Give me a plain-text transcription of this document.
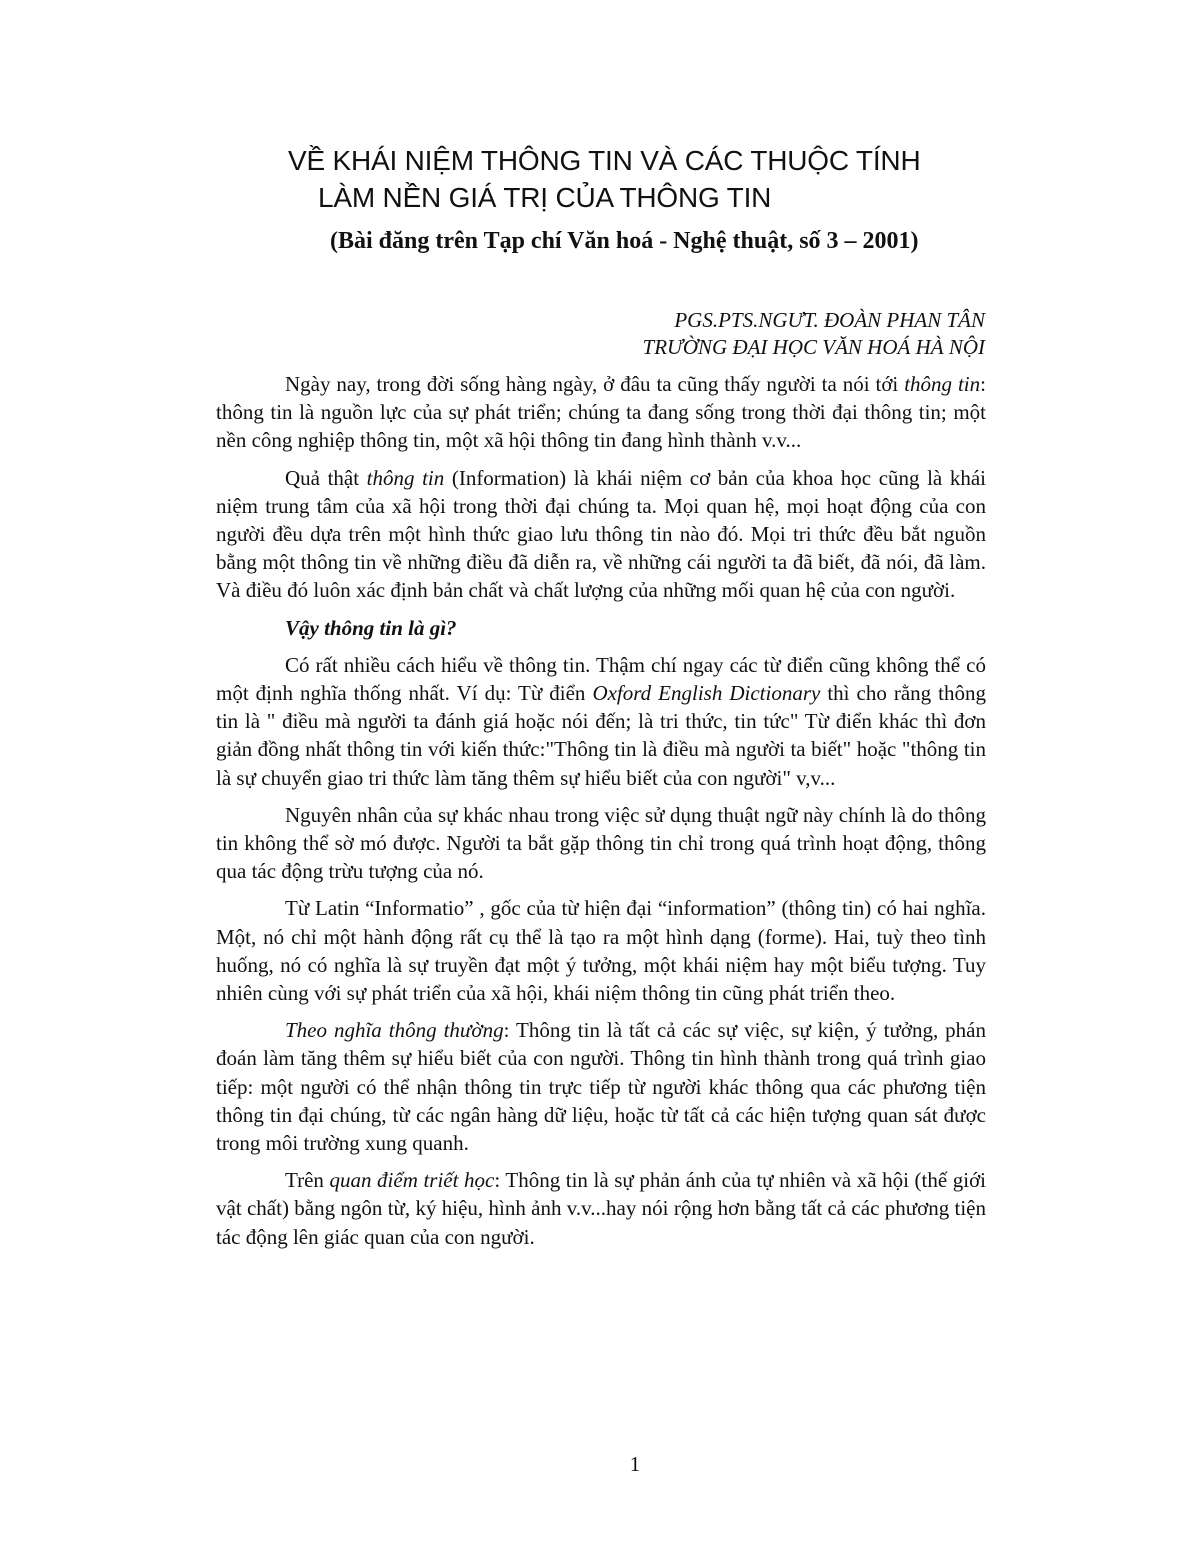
VỀ KHÁI NIỆM THÔNG TIN VÀ CÁC THUỘC TÍNH
LÀM NỀN GIÁ TRỊ CỦA THÔNG TIN
(Bài đăng trên Tạp chí Văn hoá - Nghệ thuật, số 3 – 2001)
PGS.PTS.NGƯT. ĐOÀN PHAN TÂN
TRƯỜNG ĐẠI HỌC VĂN HOÁ HÀ NỘI

Ngày nay, trong đời sống hàng ngày, ở đâu ta cũng thấy người ta nói tới thông tin: thông tin là nguồn lực của sự phát triển; chúng ta đang sống trong thời đại thông tin; một nền công nghiệp thông tin, một xã hội thông tin đang hình thành v.v...

Quả thật thông tin (Information) là khái niệm cơ bản của khoa học cũng là khái niệm trung tâm của xã hội trong thời đại chúng ta. Mọi quan hệ, mọi hoạt động của con người đều dựa trên một hình thức giao lưu thông tin nào đó. Mọi tri thức đều bắt nguồn bằng một thông tin về những điều đã diễn ra, về những cái người ta đã biết, đã nói, đã làm. Và điều đó luôn xác định bản chất và chất lượng của những mối quan hệ của con người.

Vậy thông tin là gì?

Có rất nhiều cách hiểu về thông tin. Thậm chí ngay các từ điển cũng không thể có một định nghĩa thống nhất. Ví dụ: Từ điển Oxford English Dictionary thì cho rằng thông tin là " điều mà người ta đánh giá hoặc nói đến; là tri thức, tin tức" Từ điển khác thì đơn giản đồng nhất thông tin với kiến thức:"Thông tin là điều mà người ta biết" hoặc "thông tin là sự chuyển giao tri thức làm tăng thêm sự hiểu biết của con người" v,v...

Nguyên nhân của sự khác nhau trong việc sử dụng thuật ngữ này chính là do thông tin không thể sờ mó được. Người ta bắt gặp thông tin chỉ trong quá trình hoạt động, thông qua tác động trừu tượng của nó.

Từ Latin “Informatio” , gốc của từ hiện đại “information” (thông tin) có hai nghĩa. Một, nó chỉ một hành động rất cụ thể là tạo ra một hình dạng (forme). Hai, tuỳ theo tình huống, nó có nghĩa là sự truyền đạt một ý tưởng, một khái niệm hay một biểu tượng. Tuy nhiên cùng với sự phát triển của xã hội, khái niệm thông tin cũng phát triển theo.

Theo nghĩa thông thường: Thông tin là tất cả các sự việc, sự kiện, ý tưởng, phán đoán làm tăng thêm sự hiểu biết của con người. Thông tin hình thành trong quá trình giao tiếp: một người có thể nhận thông tin trực tiếp từ người khác thông qua các phương tiện thông tin đại chúng, từ các ngân hàng dữ liệu, hoặc từ tất cả các hiện tượng quan sát được trong môi trường xung quanh.

Trên quan điểm triết học: Thông tin là sự phản ánh của tự nhiên và xã hội (thế giới vật chất) bằng ngôn từ, ký hiệu, hình ảnh v.v...hay nói rộng hơn bằng tất cả các phương tiện tác động lên giác quan của con người.

1
